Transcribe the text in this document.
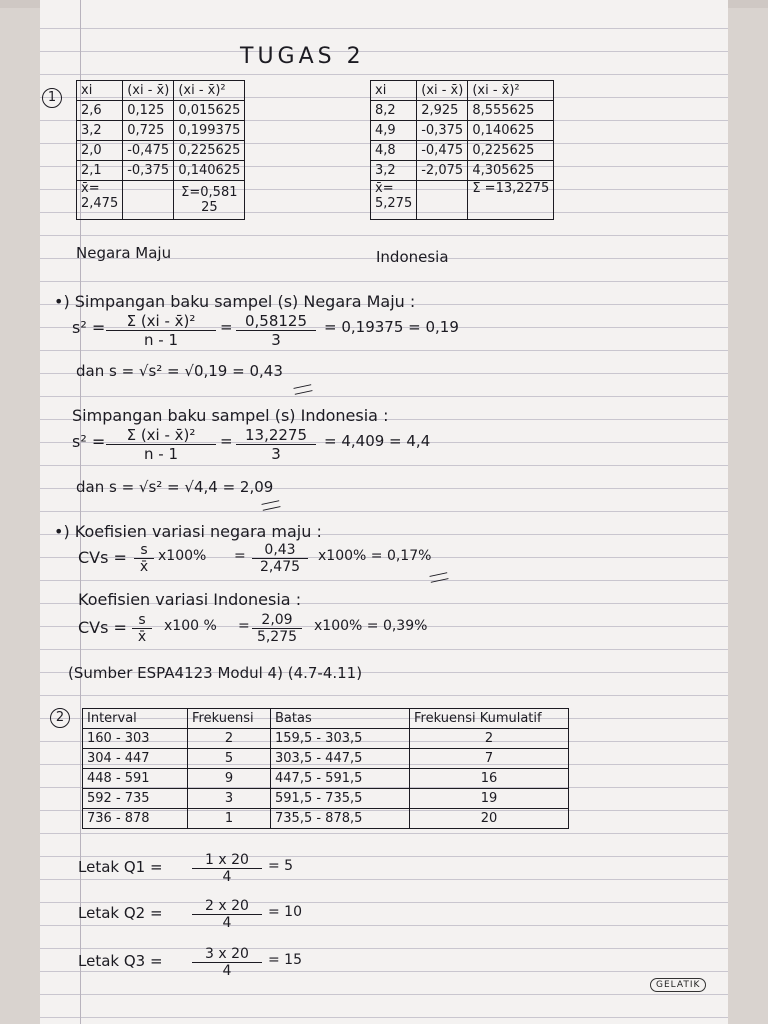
TUGAS 2
1	xi	(xi - x̄)	(xi - x̄)²
2,6	0,125	0,015625
3,2	0,725	0,199375
2,0	-0,475	0,225625
2,1	-0,375	0,140625
x̄=
2,475		Σ=0,581
25
Negara Maju
xi	(xi - x̄)	(xi - x̄)²
8,2	2,925	8,555625
4,9	-0,375	0,140625
4,8	-0,475	0,225625
3,2	-2,075	4,305625
x̄=
5,275		Σ =13,2275
Indonesia
•) Simpangan baku sampel (s) Negara Maju :
$s^2 = \frac{\text{Σ (xi - x̄)²}}{n - 1} = \frac{0,58125}{3} = 0,19375 = 0,19$
dan s = √s² = √0,19 = 0,43
Simpangan baku sampel (s) Indonesia :
$s^2 = \frac{\text{Σ (xi - x̄)²}}{n - 1} = \frac{13,2275}{3} = 4,409 = 4,4$
dan s = √s² = √4,4 = 2,09
•) Koefisien variasi negara maju :
CVs = $\frac{s}{x̄} x100\% = \frac{0,43}{2,475} x100\% = 0,17\%$
Koefisien variasi Indonesia :
CVs = $\frac{s}{x̄} x100$ % = $\frac{2,09}{5,275} x100\% = 0,39\%$
(Sumber ESPA4123 Modul 4) (4.7-4.11)
2	Interval	Frekuensi	Batas	Frekuensi Kumulatif
160 - 303	2	159,5 - 303,5	2
304 - 447	5	303,5 - 447,5	7
448 - 591	9	447,5 - 591,5	16
592 - 735	3	591,5 - 735,5	19
736 - 878	1	735,5 - 878,5	20
Letak $Q1 = \frac{1 x 20}{4} = 5$
Letak $Q2 = \frac{2 x 20}{4} = 10$
Letak $Q3 = \frac{3 x 20}{4} = 15$
GELATIK
